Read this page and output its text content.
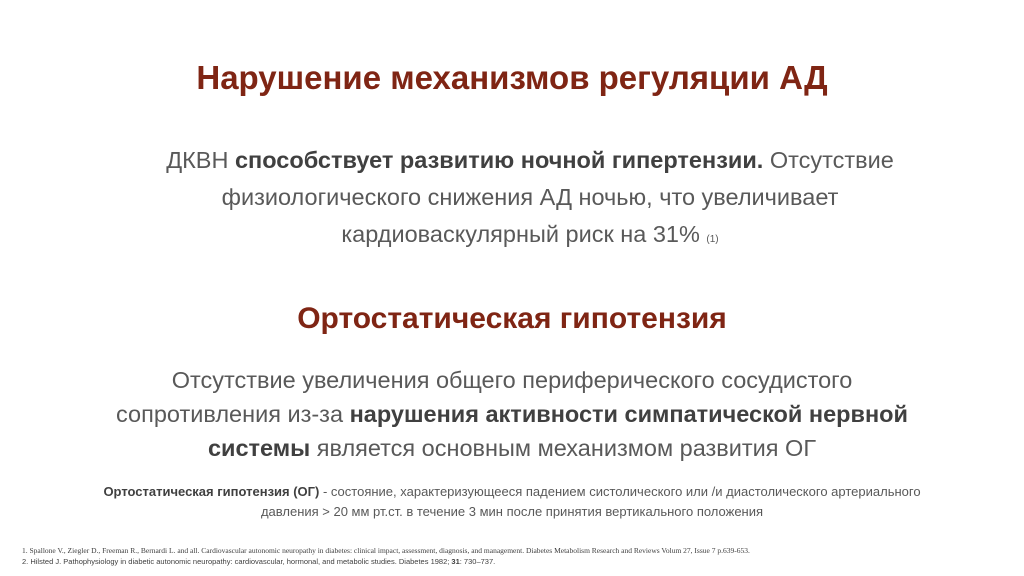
Нарушение механизмов регуляции АД
ДКВН способствует развитию ночной гипертензии. Отсутствие
физиологического снижения АД ночью, что увеличивает
кардиоваскулярный риск на 31% (1)
Ортостатическая гипотензия
Отсутствие увеличения общего периферического сосудистого
сопротивления из-за нарушения активности симпатической нервной
системы является основным механизмом развития ОГ
Ортостатическая гипотензия (ОГ) - состояние, характеризующееся падением систолического или /и диастолического артериального
давления > 20 мм рт.ст. в течение 3 мин после принятия вертикального положения
1. Spallone V., Ziegler D., Freeman R., Bernardi L. and all. Cardiovascular autonomic neuropathy in diabetes: clinical impact, assessment, diagnosis, and management. Diabetes Metabolism Research and Reviews Volum 27, Issue 7 p.639-653.
2. Hilsted J. Pathophysiology in diabetic autonomic neuropathy: cardiovascular, hormonal, and metabolic studies. Diabetes 1982; 31: 730–737.
